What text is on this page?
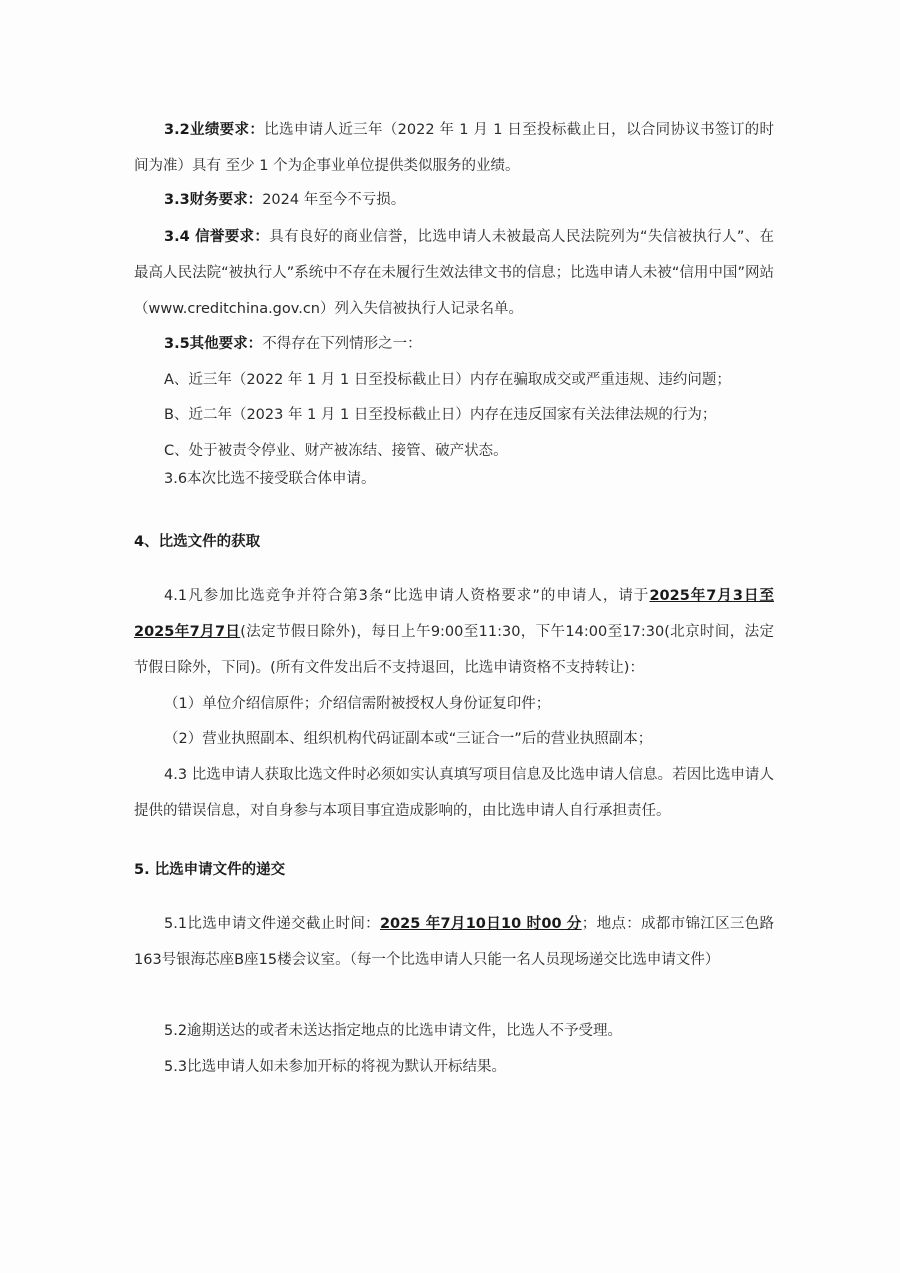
3.2业绩要求：比选申请人近三年（2022 年 1 月 1 日至投标截止日，以合同协议书签订的时间为准）具有 至少 1 个为企事业单位提供类似服务的业绩。

3.3财务要求：2024 年至今不亏损。

3.4 信誉要求：具有良好的商业信誉，比选申请人未被最高人民法院列为“失信被执行人”、在最高人民法院“被执行人”系统中不存在未履行生效法律文书的信息；比选申请人未被“信用中国”网站（www.creditchina.gov.cn）列入失信被执行人记录名单。

3.5其他要求：不得存在下列情形之一：

A、近三年（2022 年 1 月 1 日至投标截止日）内存在骗取成交或严重违规、违约问题；

B、近二年（2023 年 1 月 1 日至投标截止日）内存在违反国家有关法律法规的行为；

C、处于被责令停业、财产被冻结、接管、破产状态。

3.6本次比选不接受联合体申请。

4、比选文件的获取

4.1凡参加比选竞争并符合第3条“比选申请人资格要求”的申请人，请于2025年7月3日至2025年7月7日(法定节假日除外)，每日上午9:00至11:30，下午14:00至17:30(北京时间，法定节假日除外，下同)。(所有文件发出后不支持退回，比选申请资格不支持转让)：

（1）单位介绍信原件；介绍信需附被授权人身份证复印件；

（2）营业执照副本、组织机构代码证副本或“三证合一”后的营业执照副本；

4.3 比选申请人获取比选文件时必须如实认真填写项目信息及比选申请人信息。若因比选申请人提供的错误信息，对自身参与本项目事宜造成影响的，由比选申请人自行承担责任。

5. 比选申请文件的递交

5.1比选申请文件递交截止时间：2025 年7月10日10 时00 分；地点：成都市锦江区三色路163号银海芯座B座15楼会议室。（每一个比选申请人只能一名人员现场递交比选申请文件）

5.2逾期送达的或者未送达指定地点的比选申请文件，比选人不予受理。

5.3比选申请人如未参加开标的将视为默认开标结果。
